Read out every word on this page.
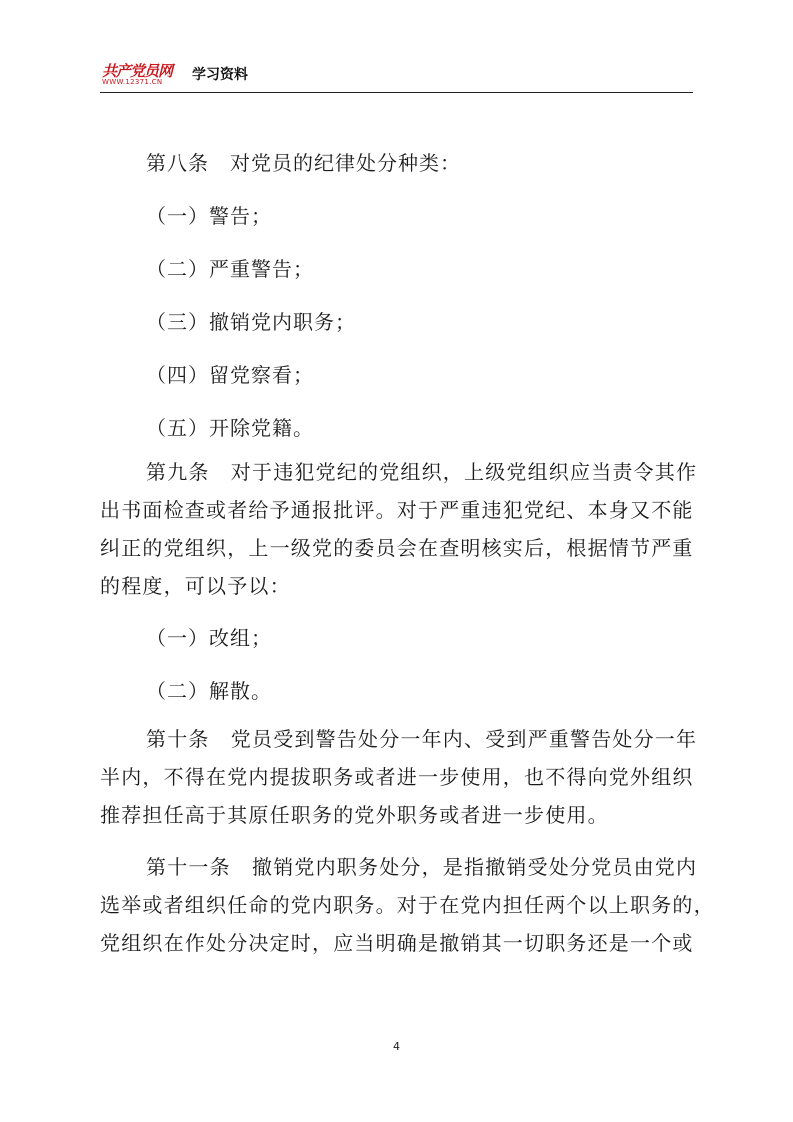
共产党员网
WWW.12371.CN 学习资料
第八条　对党员的纪律处分种类：
（一）警告；
（二）严重警告；
（三）撤销党内职务；
（四）留党察看；
（五）开除党籍。
第九条　对于违犯党纪的党组织，上级党组织应当责令其作
出书面检查或者给予通报批评。对于严重违犯党纪、本身又不能
纠正的党组织，上一级党的委员会在查明核实后，根据情节严重
的程度，可以予以：
（一）改组；
（二）解散。
第十条　党员受到警告处分一年内、受到严重警告处分一年
半内，不得在党内提拔职务或者进一步使用，也不得向党外组织
推荐担任高于其原任职务的党外职务或者进一步使用。
第十一条　撤销党内职务处分，是指撤销受处分党员由党内
选举或者组织任命的党内职务。对于在党内担任两个以上职务的，
党组织在作处分决定时，应当明确是撤销其一切职务还是一个或
4
